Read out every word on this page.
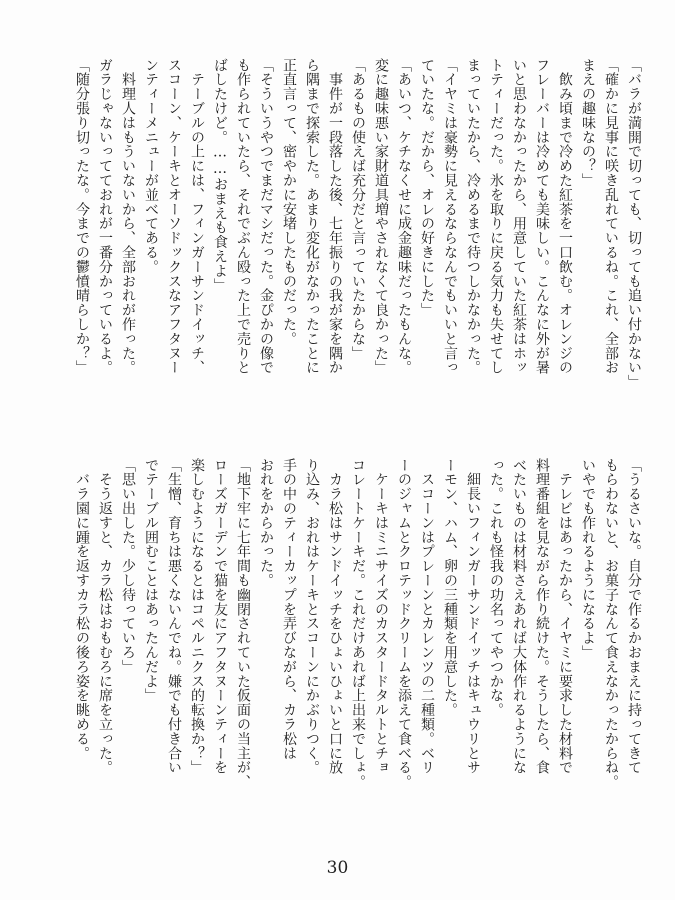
「バラが満開で切っても、切っても追い付かない」
「確かに見事に咲き乱れているね。これ、全部お
まえの趣味なの？」
　飲み頃まで冷めた紅茶を一口飲む。オレンジの
フレーバーは冷めても美味しい。こんなに外が暑
いと思わなかったから、用意していた紅茶はホッ
トティーだった。氷を取りに戻る気力も失せてし
まっていたから、冷めるまで待つしかなかった。
「イヤミは豪勢に見えるならなんでもいいと言っ
ていたな。だから、オレの好きにした」
「あいつ、ケチなくせに成金趣味だったもんな。
変に趣味悪い家財道具増やされなくて良かった」
「あるもの使えば充分だと言っていたからな」
　事件が一段落した後、七年振りの我が家を隅か
ら隅まで探索した。あまり変化がなかったことに
正直言って、密やかに安堵したものだった。
「そういうやつでまだマシだった。金ぴかの像で
も作られていたら、それでぶん殴った上で売りと
ばしたけど。……おまえも食えよ」
　テーブルの上には、フィンガーサンドイッチ、
スコーン、ケーキとオーソドックスなアフタヌー
ンティーメニューが並べてある。
　料理人はもういないから、全部おれが作った。
ガラじゃないってておれが一番分かっているよ。
「随分張り切ったな。今までの鬱憤晴らしか？」
「うるさいな。自分で作るかおまえに持ってきて
もらわないと、お菓子なんて食えなかったからね。
いやでも作れるようになるよ」
　テレビはあったから、イヤミに要求した材料で
料理番組を見ながら作り続けた。そうしたら、食
べたいものは材料さえあれば大体作れるようにな
った。これも怪我の功名ってやつかな。
　細長いフィンガーサンドイッチはキュウリとサ
ーモン、ハム、卵の三種類を用意した。
　スコーンはプレーンとカレンツの二種類。ベリ
ーのジャムとクロテッドクリームを添えて食べる。
　ケーキはミニサイズのカスタードタルトとチョ
コレートケーキだ。これだけあれば上出来でしょ。
　カラ松はサンドイッチをひょいひょいと口に放
り込み、おれはケーキとスコーンにかぶりつく。
手の中のティーカップを弄びながら、カラ松は
おれをからかった。
「地下牢に七年間も幽閉されていた仮面の当主が、
ローズガーデンで猫を友にアフタヌーンティーを
楽しむようになるとはコペルニクス的転換か？」
「生憎、育ちは悪くないんでね。嫌でも付き合い
でテーブル囲むことはあったんだよ」
「思い出した。少し待っていろ」
　そう返すと、カラ松はおもむろに席を立った。
　バラ園に踵を返すカラ松の後ろ姿を眺める。
30
